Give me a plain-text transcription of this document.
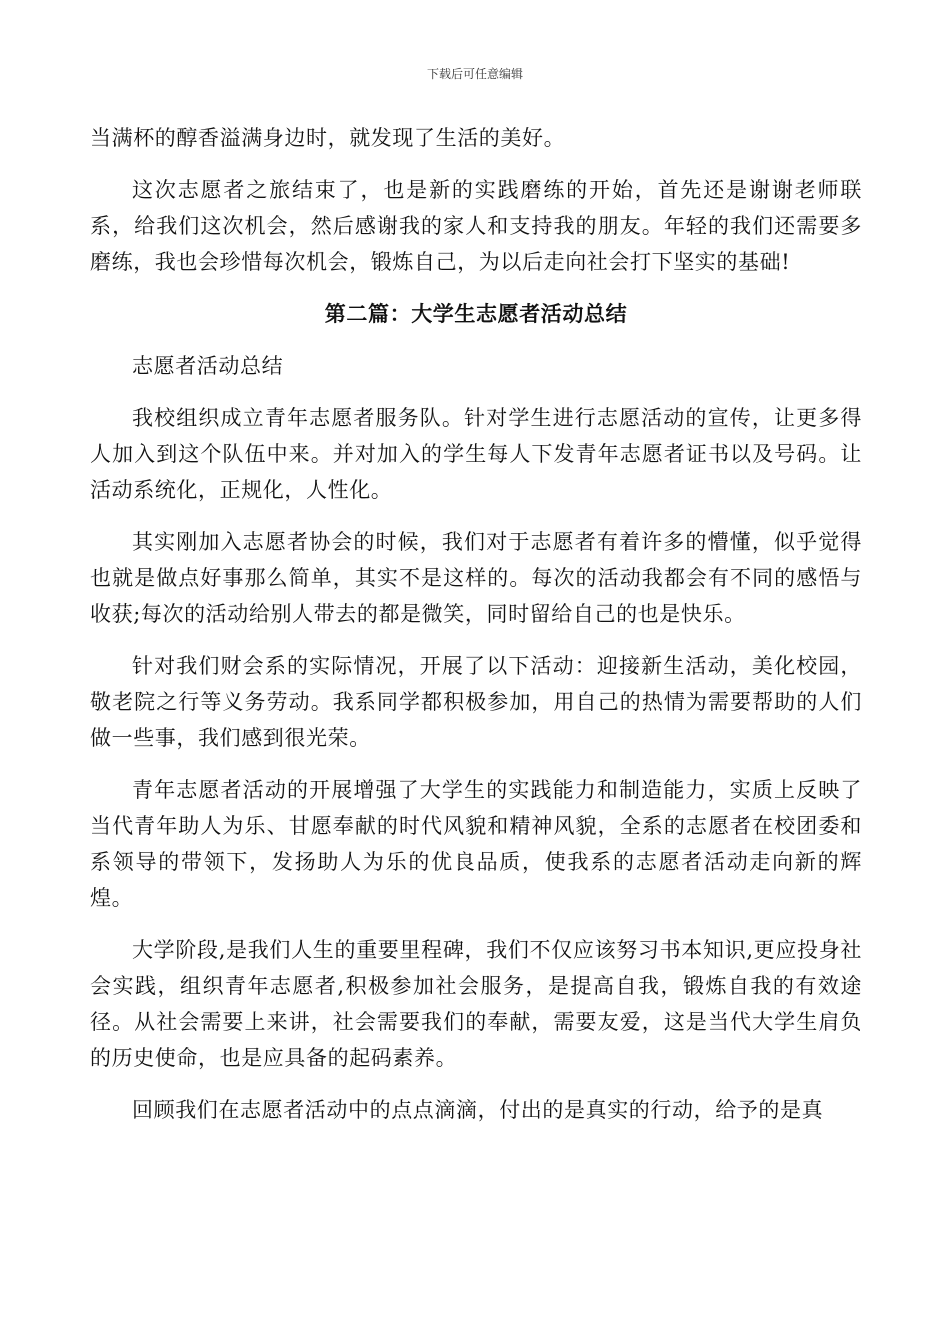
下载后可任意编辑

当满杯的醇香溢满身边时，就发现了生活的美好。

这次志愿者之旅结束了，也是新的实践磨练的开始，首先还是谢谢老师联系，给我们这次机会，然后感谢我的家人和支持我的朋友。年轻的我们还需要多磨练，我也会珍惜每次机会，锻炼自己，为以后走向社会打下坚实的基础!

第二篇：大学生志愿者活动总结

志愿者活动总结

我校组织成立青年志愿者服务队。针对学生进行志愿活动的宣传，让更多得人加入到这个队伍中来。并对加入的学生每人下发青年志愿者证书以及号码。让活动系统化，正规化，人性化。

其实刚加入志愿者协会的时候，我们对于志愿者有着许多的懵懂，似乎觉得也就是做点好事那么简单，其实不是这样的。每次的活动我都会有不同的感悟与收获;每次的活动给别人带去的都是微笑，同时留给自己的也是快乐。

针对我们财会系的实际情况，开展了以下活动：迎接新生活动，美化校园，敬老院之行等义务劳动。我系同学都积极参加，用自己的热情为需要帮助的人们做一些事，我们感到很光荣。

青年志愿者活动的开展增强了大学生的实践能力和制造能力，实质上反映了当代青年助人为乐、甘愿奉献的时代风貌和精神风貌，全系的志愿者在校团委和系领导的带领下，发扬助人为乐的优良品质，使我系的志愿者活动走向新的辉煌。

大学阶段,是我们人生的重要里程碑，我们不仅应该努习书本知识,更应投身社会实践，组织青年志愿者,积极参加社会服务，是提高自我，锻炼自我的有效途径。从社会需要上来讲，社会需要我们的奉献，需要友爱，这是当代大学生肩负的历史使命，也是应具备的起码素养。

回顾我们在志愿者活动中的点点滴滴，付出的是真实的行动，给予的是真
